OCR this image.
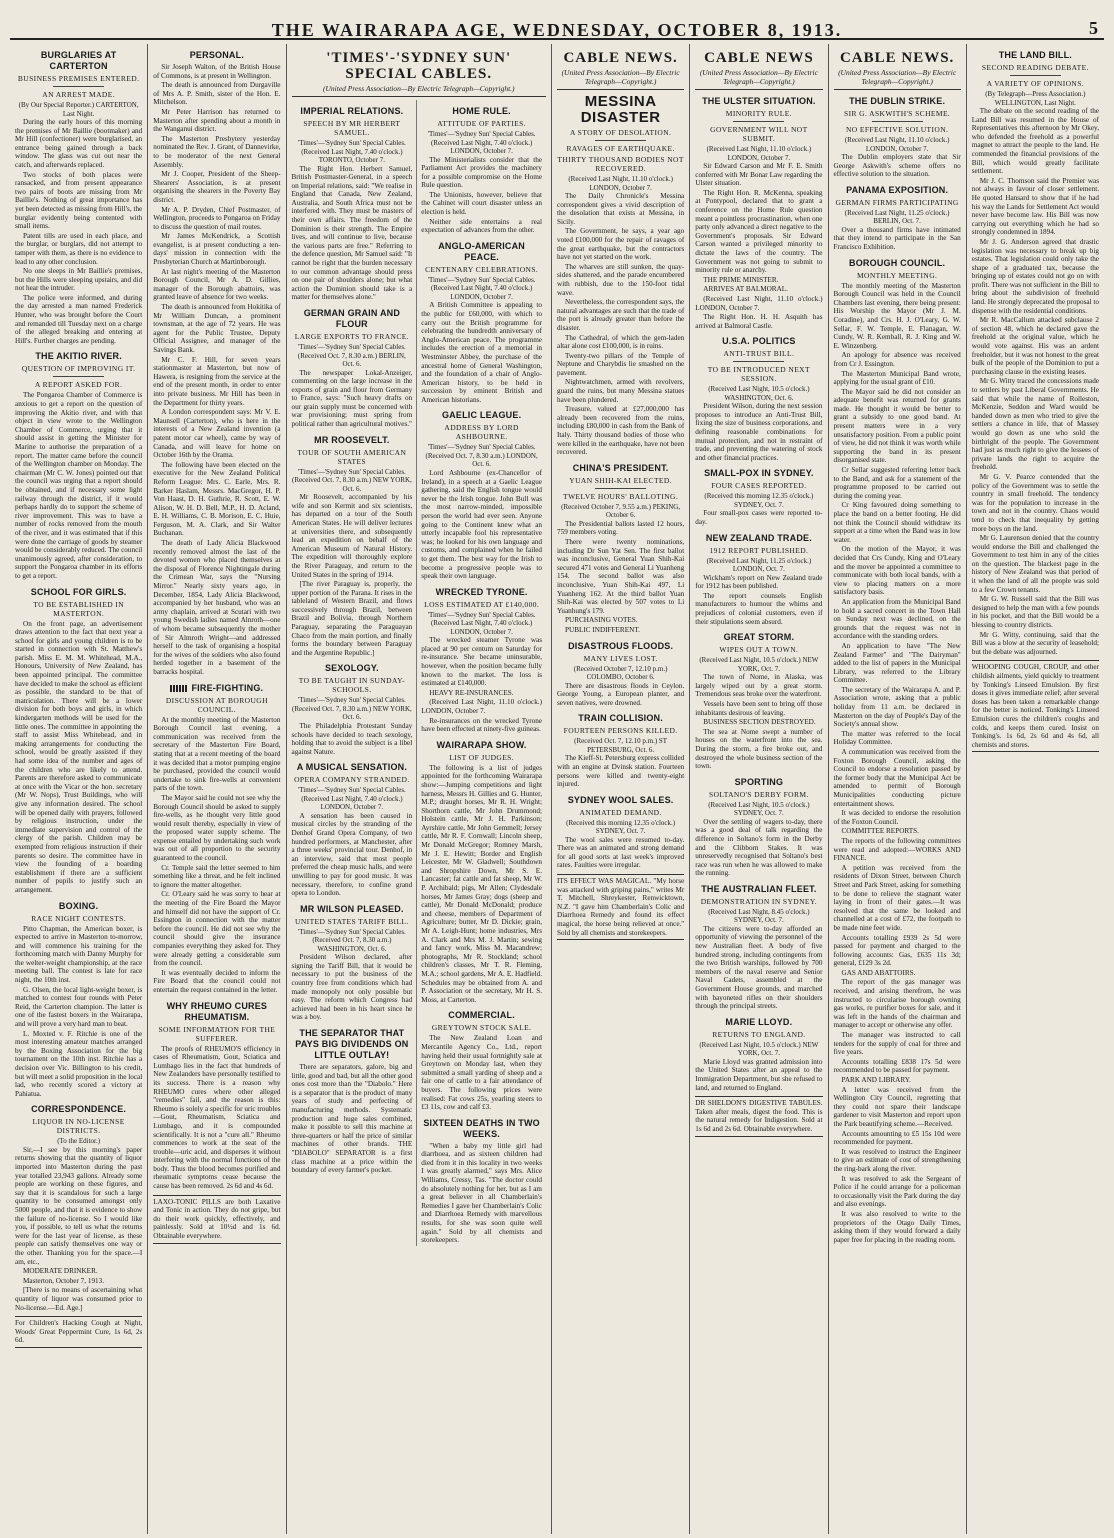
THE WAIRARAPA AGE, WEDNESDAY, OCTOBER 8, 1913.	5
BURGLARIES AT CARTERTON
BUSINESS PREMISES ENTERED.
AN ARREST MADE.
(By Our Special Reporter.) CARTERTON, Last Night.

During the early hours of this morning the premises of Mr Baillie (bootmaker) and Mr Hill (confectioner) were burglarised, an entrance being gained through a back window. The glass was cut out near the catch, and afterwards replaced.

Two stocks of both places were ransacked, and from present appearance two pairs of boots are missing from Mr Baillie's. Nothing of great importance has yet been detected as missing from Hill's, the burglar evidently being contented with small items.

Patent tills are used in each place, and the burglar, or burglars, did not attempt to tamper with them, as there is no evidence to lead to any other conclusion.

No one sleeps in Mr Baillie's premises, but the Hills were sleeping upstairs, and did not hear the intruder.

The police were informed, and during the day arrested a man named Frederick Hunter, who was brought before the Court and remanded till Tuesday next on a charge of the alleged breaking and entering at Hill's. Further charges are pending.

THE AKITIO RIVER.
QUESTION OF IMPROVING IT.
A REPORT ASKED FOR.

The Pongaroa Chamber of Commerce is anxious to get a report on the question of improving the Akitio river, and with that object in view wrote to the Wellington Chamber of Commerce, urging that it should assist in getting the Minister for Marine to authorise the preparation of a report. The matter came before the council of the Wellington chamber on Monday. The chairman (Mr C. W. Jones) pointed out that the council was urging that a report should be obtained, and if necessary some light railway through the district, if it would perhaps hardly do to support the scheme of river improvement. This was to have a number of rocks removed from the mouth of the river, and it was estimated that if this were done the carriage of goods by steamer would be considerably reduced. The council unanimously agreed, after consideration, to support the Pongaroa chamber in its efforts to get a report.

SCHOOL FOR GIRLS.
TO BE ESTABLISHED IN MASTERTON.

On the front page, an advertisement draws attention to the fact that next year a school for girls and young children is to be started in connection with St. Matthew's parish. Miss E. M. M. Whitehead, M.A., Honours, University of New Zealand, has been appointed principal. The committee have decided to make the school as efficient as possible, the standard to be that of matriculation. There will be a lower division for both boys and girls, in which kindergarten methods will be used for the little ones. The committee in appointing the staff to assist Miss Whitehead, and in making arrangements for conducting the school, would be greatly assisted if they had some idea of the number and ages of the children who are likely to attend. Parents are therefore asked to communicate at once with the Vicar or the hon. secretary (Mr W. Nops), Trust Buildings, who will give any information desired. The school will be opened daily with prayers, followed by religious instruction, under the immediate supervision and control of the clergy of the parish. Children may be exempted from religious instruction if their parents so desire. The committee have in view the founding of a boarding establishment if there are a sufficient number of pupils to justify such an arrangement.

BOXING.
RACE NIGHT CONTESTS.

Pitto Chapman, the American boxer, is expected to arrive in Masterton to-morrow, and will commence his training for the forthcoming match with Danny Murphy for the welter-weight championship, at the race meeting ball. The contest is late for race night, the 10th inst.

G. Olsen, the local light-weight boxer, is matched to contest four rounds with Peter Reid, the Carterton champion. The latter is one of the fastest boxers in the Wairarapa, and will prove a very hard man to beat.

L. Moxted v. F. Ritchie is one of the most interesting amateur matches arranged by the Boxing Association for the big tournament on the 10th inst. Ritchie has a decision over Vic. Billington to his credit, but will meet a solid proposition in the local lad, who recently scored a victory at Pahiatua.

CORRESPONDENCE.
LIQUOR IN NO-LICENSE DISTRICTS.
(To the Editor.)

Sir,—I see by this morning's paper returns showing that the quantity of liquor imported into Masterton during the past year totalled 23,943 gallons. Already some people are working on these figures, and say that it is scandalous for such a large quantity to be consumed amongst only 5000 people, and that it is evidence to show the failure of no-license. So I would like you, if possible, to tell us what the returns were for the last year of license, as these people can satisfy themselves one way or the other. Thanking you for the space.—I am, etc.,

MODERATE DRINKER.

Masterton, October 7, 1913.

[There is no means of ascertaining what quantity of liquor was consumed prior to No-license.—Ed. Age.]

For Children's Hacking Cough at Night, Woods' Great Peppermint Cure, 1s 6d, 2s 6d.
PERSONAL.

Sir Joseph Walton, of the British House of Commons, is at present in Wellington.

The death is announced from Durgaville of Mrs A. P. Smith, sister of the Hon. E. Mitchelson.

Mr Peter Harrison has returned to Masterton after spending about a month in the Wanganui district.

The Masterton Presbytery yesterday nominated the Rev. J. Grant, of Dannevirke, to be moderator of the next General Assembly.

Mr J. Cooper, President of the Sheep-Shearers' Association, is at present organising the shearers in the Poverty Bay district.

Mr A. P. Dryden, Chief Postmaster, of Wellington, proceeds to Pongaroa on Friday to discuss the question of mail routes.

Mr James McKendrick, a Scottish evangelist, is at present conducting a ten-days' mission in connection with the Presbyterian Church at Martinborough.

At last night's meeting of the Masterton Borough Council, Mr A. D. Gillies, manager of the Borough abattoirs, was granted leave of absence for two weeks.

The death is announced from Hokitika of Mr William Duncan, a prominent townsman, at the age of 72 years. He was agent for the Public Trustee, Deputy Official Assignee, and manager of the Savings Bank.

Mr C. F. Hill, for seven years stationmaster at Masterton, but now of Hawera, is resigning from the service at the end of the present month, in order to enter into private business. Mr Hill has been in the Department for thirty years.

A London correspondent says: Mr V. E. Maunsell (Carterton), who is here in the interests of a New Zealand invention (a patent motor car wheel), came by way of Canada, and will leave for home on October 16th by the Orama.

The following have been elected on the executive for the New Zealand Political Reform League: Mrs. C. Earle, Mrs. R. Barker Haslam, Messrs. MacGregor, H. P. Von Haast, D. H. Guthrie, R. Scott, E. W. Alison, W. H. D. Bell, M.P., H. D. Acland, E. H. Williams, C. B. Morison, E. C. Huie, Ferguson, M. A. Clark, and Sir Walter Buchanan.

The death of Lady Alicia Blackwood recently removed almost the last of the devoted women who placed themselves at the disposal of Florence Nightingale during the Crimean War, says the "Nursing Mirror." Nearly sixty years ago, in December, 1854, Lady Alicia Blackwood, accompanied by her husband, who was an army chaplain, arrived at Scutari with two young Swedish ladies named Alnroth—one of whom became subsequently the mother of Sir Almroth Wright—and addressed herself to the task of organising a hospital for the wives of the soldiers who also found herded together in a basement of the barracks hospital.

FIRE-FIGHTING.
DISCUSSION AT BOROUGH COUNCIL.

At the monthly meeting of the Masterton Borough Council last evening, a communication was received from the secretary of the Masterton Fire Board, stating that at a recent meeting of the board it was decided that a motor pumping engine be purchased, provided the council would undertake to sink fire-wells at convenient parts of the town.

The Mayor said he could not see why the Borough Council should be asked to supply fire-wells, as he thought very little good would result thereby, especially in view of the proposed water supply scheme. The expense entailed by undertaking such work was out of all proportion to the security guaranteed to the council.

Cr. Temple said the letter seemed to him something like a threat, and he felt inclined to ignore the matter altogether.

Cr. O'Leary said he was sorry to hear at the meeting of the Fire Board the Mayor and himself did not have the support of Cr. Essington in connection with the matter before the council. He did not see why the council should give the insurance companies everything they asked for. They were already getting a considerable sum from the council.

It was eventually decided to inform the Fire Board that the council could not entertain the request contained in the letter.

WHY RHEUMO CURES RHEUMATISM.
SOME INFORMATION FOR THE SUFFERER.

The proofs of RHEUMO'S efficiency in cases of Rheumatism, Gout, Sciatica and Lumbago lies in the fact that hundreds of New Zealanders have personally testified to its success. There is a reason why RHEUMO cures where other alleged "remedies" fail, and the reason is this: Rheumo is solely a specific for uric troubles—Gout, Rheumatism, Sciatica and Lumbago, and it is compounded scientifically. It is not a "cure all." Rheumo commences to work at the seat of the trouble—uric acid, and disperses it without interfering with the normal functions of the body. Thus the blood becomes purified and rheumatic symptoms cease because the cause has been removed. 2s 6d and 4s 6d.

LAXO-TONIC PILLS are both Laxative and Tonic in action. They do not gripe, but do their work quickly, effectively, and painlessly. Sold at 10½d and 1s 6d. Obtainable everywhere.
'TIMES'-'SYDNEY SUN' SPECIAL CABLES.
(United Press Association—By Electric Telegraph—Copyright.)
IMPERIAL RELATIONS.
SPEECH BY MR HERBERT SAMUEL.
'Times'—'Sydney Sun' Special Cables. (Received Last Night, 7.40 o'clock.) TORONTO, October 7.

The Right Hon. Herbert Samuel, British Postmaster-General, in a speech on Imperial relations, said: "We realise in England that Canada, New Zealand, Australia, and South Africa must not be interfered with. They must be masters of their own affairs. The freedom of the Dominion is their strength. The Empire lives, and will continue to live, because the various parts are free." Referring to the defence question, Mr Samuel said: "It cannot be right that the burden necessary to our common advantage should press on one pair of shoulders alone; but what action the Dominion should take is a matter for themselves alone."

GERMAN GRAIN AND FLOUR
LARGE EXPORTS TO FRANCE.
'Times'—'Sydney Sun' Special Cables. (Received Oct. 7, 8.30 a.m.) BERLIN, Oct. 6.

The newspaper Lokal-Anzeiger, commenting on the large increase in the exports of grain and flour from Germany to France, says: "Such heavy drafts on our grain supply must be concerned with war provisioning; must spring from political rather than agricultural motives."

MR ROOSEVELT.
TOUR OF SOUTH AMERICAN STATES
'Times'—'Sydney Sun' Special Cables. (Received Oct. 7, 8.30 a.m.) NEW YORK, Oct. 6.

Mr Roosevelt, accompanied by his wife and son Kermit and six scientists, has departed on a tour of the South American States. He will deliver lectures at universities there, and subsequently lead an expedition on behalf of the American Museum of Natural History. The expedition will thoroughly explore the River Paraguay, and return to the United States in the spring of 1914.

[The river Paraguay is, properly, the upper portion of the Parana. It rises in the tableland of Western Brazil, and flows successively through Brazil, between Brazil and Bolivia, through Northern Paraguay, separating the Paraguayan Chaco from the main portion, and finally forms the boundary between Paraguay and the Argentine Republic.]

SEXOLOGY.
TO BE TAUGHT IN SUNDAY-SCHOOLS.
'Times'—'Sydney Sun' Special Cables. (Received Oct. 7, 8.30 a.m.) NEW YORK, Oct. 6.

The Philadelphia Protestant Sunday schools have decided to teach sexology, holding that to avoid the subject is a libel against Nature.

A MUSICAL SENSATION.
OPERA COMPANY STRANDED.
'Times'—'Sydney Sun' Special Cables. (Received Last Night, 7.40 o'clock.) LONDON, October 7.

A sensation has been caused in musical circles by the stranding of the Denhof Grand Opera Company, of two hundred performers, at Manchester, after a three weeks' provincial tour. Denhof, in an interview, said that most people preferred the cheap music halls, and were unwilling to pay for good music. It was necessary, therefore, to confine grand opera to London.

MR WILSON PLEASED.
UNITED STATES TARIFF BILL.
'Times'—'Sydney Sun' Special Cables. (Received Oct. 7, 8.30 a.m.) WASHINGTON, Oct. 6.

President Wilson declared, after signing the Tariff Bill, that it would be necessary to put the business of the country free from conditions which had made monopoly not only possible but easy. The reform which Congress had achieved had been in his heart since he was a boy.

THE SEPARATOR THAT PAYS BIG DIVIDENDS ON LITTLE OUTLAY!

There are separators, galore, big and little, good and bad, but all the other good ones cost more than the "Diabolo." Here is a separator that is the product of many years of study and perfecting of manufacturing methods. Systematic production and huge sales combined, make it possible to sell this machine at three-quarters or half the price of similar machines of other brands. THE "DIABOLO" SEPARATOR is a first class machine at a price within the boundary of every farmer's pocket.

HOME RULE.
ATTITUDE OF PARTIES.
'Times'—'Sydney Sun' Special Cables. (Received Last Night, 7.40 o'clock.) LONDON, October 7.

The Ministerialists consider that the Parliament Act provides the machinery for a possible compromise on the Home Rule question.

The Unionists, however, believe that the Cabinet will court disaster unless an election is held.

Neither side entertains a real expectation of advances from the other.

ANGLO-AMERICAN PEACE.
CENTENARY CELEBRATIONS.
'Times'—'Sydney Sun' Special Cables. (Received Last Night, 7.40 o'clock.) LONDON, October 7.

A British Committee is appealing to the public for £60,000, with which to carry out the British programme for celebrating the hundredth anniversary of Anglo-American peace. The programme includes the erection of a memorial in Westminster Abbey, the purchase of the ancestral home of General Washington, and the foundation of a chair of Anglo-American history, to be held in succession by eminent British and American historians.

GAELIC LEAGUE.
ADDRESS BY LORD ASHBOURNE.
'Times'—'Sydney Sun' Special Cables. (Received Oct. 7, 8.30 a.m.) LONDON, Oct. 6.

Lord Ashbourne (ex-Chancellor of Ireland), in a speech at a Gaelic League gathering, said the English tongue would never be the Irish tongue. John Bull was the most narrow-minded, impossible person the world had ever seen. Anyone going to the Continent knew what an utterly incapable fool his representative was; he looked for his own language and customs, and complained when he failed to get them. The best way for the Irish to become a progressive people was to speak their own language.

WRECKED TYRONE.
LOSS ESTIMATED AT £140,000.
'Times'—'Sydney Sun' Special Cables. (Received Last Night, 7.40 o'clock.) LONDON, October 7.

The wrecked steamer Tyrone was placed at 90 per centum on Saturday for re-insurance. She became uninsurable, however, when the position became fully known to the market. The loss is estimated at £140,000.

HEAVY RE-INSURANCES.

(Received Last Night, 11.10 o'clock.) LONDON, October 7.

Re-insurances on the wrecked Tyrone have been effected at ninety-five guineas.

WAIRARAPA SHOW.
LIST OF JUDGES.

The following is a list of judges appointed for the forthcoming Wairarapa show:—Jumping competitions and light harness, Messrs H. Gillies and G. Hunter, M.P.; draught horses, Mr R. H. Wright; Shorthorn cattle, Mr John Drummond; Holstein cattle, Mr J. H. Parkinson; Ayrshire cattle, Mr John Gemmell; Jersey cattle, Mr R. F. Cornwall; Lincoln sheep, Mr Donald McGregor; Romney Marsh, Mr J. E. Hewitt; Border and English Leicester, Mr W. Gladwell; Southdown and Shropshire Down, Mr S. E. Lancaster; fat cattle and fat sheep, Mr W. P. Archibald; pigs, Mr Allen; Clydesdale horses, Mr James Gray; dogs (sheep and cattle), Mr Donald McDonald; produce and cheese, members of Department of Agriculture; butter, Mr D. Dickie; grain, Mr A. Leigh-Hunt; home industries, Mrs A. Clark and Mrs M. J. Martin; sewing and fancy work, Miss M. Macandrew; photographs, Mr R. Stockland; school children's classes, Mr T. R. Fleming, M.A.; school gardens, Mr A. E. Hadfield. Schedules may be obtained from A. and P. Association or the secretary, Mr H. S. Moss, at Carterton.

COMMERCIAL.
GREYTOWN STOCK SALE.

The New Zealand Loan and Mercantile Agency Co., Ltd., report having held their usual fortnightly sale at Greytown on Monday last, when they submitted a small yarding of sheep and a fair one of cattle to a fair attendance of buyers. The following prices were realised: Fat cows 25s, yearling steers to £3 11s, cow and calf £3.

SIXTEEN DEATHS IN TWO WEEKS.

"When a baby my little girl had diarrhoea, and as sixteen children had died from it in this locality in two weeks I was greatly alarmed," says Mrs. Alice Williams, Cressy, Tas. "The doctor could do absolutely nothing for her, but as I am a great believer in all Chamberlain's Remedies I gave her Chamberlain's Colic and Diarrhoea Remedy with marvellous results, for she was soon quite well again." Sold by all chemists and storekeepers.

CABLE NEWS.
(United Press Association—By Electric Telegraph—Copyright.)
MESSINA DISASTER
A STORY OF DESOLATION.
RAVAGES OF EARTHQUAKE.
THIRTY THOUSAND BODIES NOT RECOVERED.
(Received Last Night, 11.10 o'clock.) LONDON, October 7.

The Daily Chronicle's Messina correspondent gives a vivid description of the desolation that exists at Messina, in Sicily.

The Government, he says, a year ago voted £100,000 for the repair of ravages of the great earthquake, but the contractors have not yet started on the work.

The wharves are still sunken, the quay-sides shattered, and the parade encumbered with rubbish, due to the 150-foot tidal wave.

Nevertheless, the correspondent says, the natural advantages are such that the trade of the port is already greater than before the disaster.

The Cathedral, of which the gem-laden altar alone cost £100,000, is in ruins.

Twenty-two pillars of the Temple of Neptune and Charybdis lie smashed on the pavement.

Nightwatchmen, armed with revolvers, guard the ruins, but many Messina statues have been plundered.

Treasure, valued at £27,000,000 has already been recovered from the ruins, including £80,000 in cash from the Bank of Italy. Thirty thousand bodies of those who were killed in the earthquake, have not been recovered.

CHINA'S PRESIDENT.
YUAN SHIH-KAI ELECTED.
TWELVE HOURS' BALLOTING.
(Received October 7, 9.55 a.m.) PEKING, October 6.

The Presidential ballots lasted 12 hours, 759 members voting.

There were twenty nominations, including Dr Sun Yat Sen. The first ballot was inconclusive, General Yuan Shih-Kai secured 471 votes and General Li Yuanheng 154. The second ballot was also inconclusive, Yuan Shih-Kai 497, Li Yuanheng 162. At the third ballot Yuan Shih-Kai was elected by 507 votes to Li Yuanhung's 179.

PURCHASING VOTES.

PUBLIC INDIFFERENT.

DISASTROUS FLOODS.
MANY LIVES LOST.
(Received October 7, 12.10 p.m.) COLOMBO, October 6.

There are disastrous floods in Ceylon. George Young, a European planter, and seven natives, were drowned.

TRAIN COLLISION.
FOURTEEN PERSONS KILLED.
(Received Oct. 7, 12.10 p.m.) ST PETERSBURG, Oct. 6.

The Kieff-St. Petersburg express collided with an engine at Dvinsk station. Fourteen persons were killed and twenty-eight injured.

SYDNEY WOOL SALES.
ANIMATED DEMAND.
(Received this morning 12.35 o'clock.) SYDNEY, Oct. 7.

The wool sales were resumed to-day. There was an animated and strong demand for all good sorts at last week's improved rates. Faulties were irregular.

ITS EFFECT WAS MAGICAL. "My horse was attacked with griping pains," writes Mr T. Mitchell, Shreykester, Renwicktown, N.Z. "I gave him Chamberlain's Colic and Diarrhoea Remedy and found its effect magical, the horse being relieved at once." Sold by all chemists and storekeepers.
CABLE NEWS
(United Press Association—By Electric Telegraph—Copyright.)
THE ULSTER SITUATION.
MINORITY RULE.
GOVERNMENT WILL NOT SUBMIT.
(Received Last Night, 11.10 o'clock.) LONDON, October 7.

Sir Edward Carson and Mr F. E. Smith conferred with Mr Bonar Law regarding the Ulster situation.

The Right Hon. R. McKenna, speaking at Pontypool, declared that to grant a conference on the Home Rule question meant a pointless procrastination, when one party only advanced a direct negative to the Government's proposals. Sir Edward Carson wanted a privileged minority to dictate the laws of the country. The Government was not going to submit to minority rule or anarchy.

THE PRIME MINISTER.

ARRIVES AT BALMORAL.

(Received Last Night, 11.10 o'clock.) LONDON, October 7.

The Right Hon. H. H. Asquith has arrived at Balmoral Castle.

U.S.A. POLITICS
ANTI-TRUST BILL.
TO BE INTRODUCED NEXT SESSION.
(Received Last Night, 10.5 o'clock.) WASHINGTON, Oct. 6.

President Wilson, during the next session proposes to introduce an Anti-Trust Bill, fixing the size of business corporations, and defining reasonable combinations for mutual protection, and not in restraint of trade, and preventing the watering of stock and other financial practices.

SMALL-POX IN SYDNEY.
FOUR CASES REPORTED.
(Received this morning 12.35 o'clock.) SYDNEY, Oct. 7.

Four small-pox cases were reported to-day.

NEW ZEALAND TRADE.
1912 REPORT PUBLISHED.
(Received Last Night, 11.25 o'clock.) LONDON, Oct. 7.

Wickham's report on New Zealand trade for 1912 has been published.

The report counsels English manufacturers to humour the whims and prejudices of colonial customers, even if their stipulations seem absurd.

GREAT STORM.
WIPES OUT A TOWN.
(Received Last Night, 10.5 o'clock.) NEW YORK, Oct. 7.

The town of Nome, in Alaska, was largely wiped out by a great storm. Tremendous seas broke over the waterfront.

Vessels have been sent to bring off those inhabitants desirous of leaving.

BUSINESS SECTION DESTROYED.

The sea at Nome swept a number of houses on the waterfront into the sea. During the storm, a fire broke out, and destroyed the whole business section of the town.

SPORTING
SOLTANO'S DERBY FORM.
(Received Last Night, 10.5 o'clock.) SYDNEY, Oct. 7.

Over the settling of wagers to-day, there was a good deal of talk regarding the difference in Soltano's form in the Derby and the Clibborn Stakes. It was unreservedly recognised that Soltano's best race was run when he was allowed to make the running.

THE AUSTRALIAN FLEET.
DEMONSTRATION IN SYDNEY.
(Received Last Night, 8.45 o'clock.) SYDNEY, Oct. 7.

The citizens were to-day afforded an opportunity of viewing the personnel of the new Australian fleet. A body of five hundred strong, including contingents from the two British warships, followed by 700 members of the naval reserve and Senior Naval Cadets, assembled at the Government House grounds, and marched with bayoneted rifles on their shoulders through the principal streets.

MARIE LLOYD.
RETURNS TO ENGLAND.
(Received Last Night, 10.5 o'clock.) NEW YORK, Oct. 7.

Marie Lloyd was granted admission into the United States after an appeal to the Immigration Department, but she refused to land, and returned to England.

DR SHELDON'S DIGESTIVE TABULES. Taken after meals, digest the food. This is the natural remedy for Indigestion. Sold at 1s 6d and 2s 6d. Obtainable everywhere.
CABLE NEWS.
(United Press Association—By Electric Telegraph—Copyright.)
THE DUBLIN STRIKE.
SIR G. ASKWITH'S SCHEME.
NO EFFECTIVE SOLUTION.
(Received Last Night, 11.10 o'clock.) LONDON, October 7.

The Dublin employers state that Sir George Askwith's scheme offers no effective solution to the situation.

PANAMA EXPOSITION.
GERMAN FIRMS PARTICIPATING
(Received Last Night, 11.25 o'clock.) BERLIN, Oct. 7.

Over a thousand firms have intimated that they intend to participate in the San Francisco Exhibition.

BOROUGH COUNCIL.
MONTHLY MEETING.

The monthly meeting of the Masterton Borough Council was held in the Council Chambers last evening, there being present: His Worship the Mayor (Mr J. M. Coradine), and Crs. H. J. O'Leary, G. W. Sellar, F. W. Temple, E. Flanagan, W. Cundy, W. R. Kemball, R. J. King and W. E. Winzenberg.

An apology for absence was received from Cr J. Essington.

The Masterton Municipal Band wrote, applying for the usual grant of £10.

The Mayor said he did not consider an adequate benefit was returned for grants made. He thought it would be better to grant a subsidy to one good band. At present matters were in a very unsatisfactory position. From a public point of view, he did not think it was worth while supporting the band in its present disorganised state.

Cr Sellar suggested referring letter back to the Band, and ask for a statement of the programme proposed to be carried out during the coming year.

Cr King favoured doing something to place the band on a better footing. He did not think the Council should withdraw its support at a time when the Band was in low water.

On the motion of the Mayor, it was decided that Crs Cundy, King and O'Leary and the mover be appointed a committee to communicate with both local bands, with a view to placing matters on a more satisfactory basis.

An application from the Municipal Band to hold a sacred concert in the Town Hall on Sunday next was declined, on the grounds that the request was not in accordance with the standing orders.

An application to have "The New Zealand Farmer" and "The Dairyman" added to the list of papers in the Municipal Library, was referred to the Library Committee.

The secretary of the Wairarapa A. and P. Association wrote, asking that a public holiday from 11 a.m. be declared in Masterton on the day of People's Day of the Society's annual show.

The matter was referred to the local Holiday Committee.

A communication was received from the Foxton Borough Council, asking the Council to endorse a resolution passed by the former body that the Municipal Act be amended to permit of Borough Municipalities conducting picture entertainment shows.

It was decided to endorse the resolution of the Foxton Council.

COMMITTEE REPORTS.

The reports of the following committees were read and adopted:—WORKS AND FINANCE.

A petition was received from the residents of Dixon Street, between Church Street and Park Street, asking for something to be done to relieve the stagnant water laying in front of their gates.—It was resolved that the same be looked and channelled at a cost of £72, the footpath to be made nine feet wide.

Accounts totalling £939 2s 5d were passed for payment and charged to the following accounts: Gas, £635 11s 3d; general, £129 3s 2d.

GAS AND ABATTOIRS.

The report of the gas manager was received, and arising therefrom, he was instructed to circularise borough owning gas works, re purifier boxes for sale, and it was left in the hands of the chairman and manager to accept or otherwise any offer.

The manager was instructed to call tenders for the supply of coal for three and five years.

Accounts totalling £838 17s 5d were recommended to be passed for payment.

PARK AND LIBRARY.

A letter was received from the Wellington City Council, regretting that they could not spare their landscape gardener to visit Masterton and report upon the Park beautifying scheme.—Received.

Accounts amounting to £5 15s 10d were recommended for payment.

It was resolved to instruct the Engineer to give an estimate of cost of strengthening the ring-bark along the river.

It was resolved to ask the Sergeant of Police if he could arrange for a policeman to occasionally visit the Park during the day and also evenings.

It was also resolved to write to the proprietors of the Otago Daily Times, asking them if they would forward a daily paper free for placing in the reading room.

THE LAND BILL.
SECOND READING DEBATE.
A VARIETY OF OPINIONS.
(By Telegraph—Press Association.) WELLINGTON, Last Night.

The debate on the second reading of the Land Bill was resumed in the House of Representatives this afternoon by Mr Okey, who defended the freehold as a powerful magnet to attract the people to the land. He commended the financial provisions of the Bill, which would greatly facilitate settlement.

Mr J. C. Thomson said the Premier was not always in favour of closer settlement. He quoted Hansard to show that if he had his way the Lands for Settlement Act would never have become law. His Bill was now carrying out everything which he had so strongly condemned in 1894.

Mr J. G. Anderson agreed that drastic legislation was necessary to break up big estates. That legislation could only take the shape of a graduated tax, because the bringing up of estates could not go on with profit. There was not sufficient in the Bill to bring about the subdivision of freehold land. He strongly deprecated the proposal to dispense with the residential conditions.

Mr R. MacCallum attacked subclause 2 of section 48, which he declared gave the freehold at the original value, which he would vote against. His was an ardent freeholder, but it was not honest to the great bulk of the people of the Dominion to put a purchasing clause in the existing leases.

Mr G. Witty traced the concessions made to settlers by past Liberal Governments. He said that while the name of Rolleston, McKenzie, Seddon and Ward would be handed down as men who tried to give the settlers a chance in life, that of Massey would go down as one who sold the birthright of the people. The Government had just as much right to give the lessees of private lands the right to acquire the freehold.

Mr G. V. Pearce contended that the policy of the Government was to settle the country in small freehold. The tendency was for the population to increase in the town and not in the country. Chaos would tend to check that inequality by getting more boys on the land.

Mr G. Laurenson denied that the country would endorse the Bill and challenged the Government to test him in any of the cities on the question. The blackest page in the history of New Zealand was that period of it when the land of all the people was sold to a few Crown tenants.

Mr G. W. Russell said that the Bill was designed to help the man with a few pounds in his pocket, and that the Bill would be a blessing to country districts.

Mr G. Witty, continuing, said that the Bill was a blow at the security of leasehold; but the debate was adjourned.

WHOOPING COUGH, CROUP, and other childish ailments, yield quickly to treatment by Tonking's Linseed Emulsion. By first doses it gives immediate relief; after several doses has been taken a remarkable change for the better is noticed. Tonking's Linseed Emulsion cures the children's coughs and colds, and keeps them cured. Insist on Tonking's. 1s 6d, 2s 6d and 4s 6d, all chemists and stores.
